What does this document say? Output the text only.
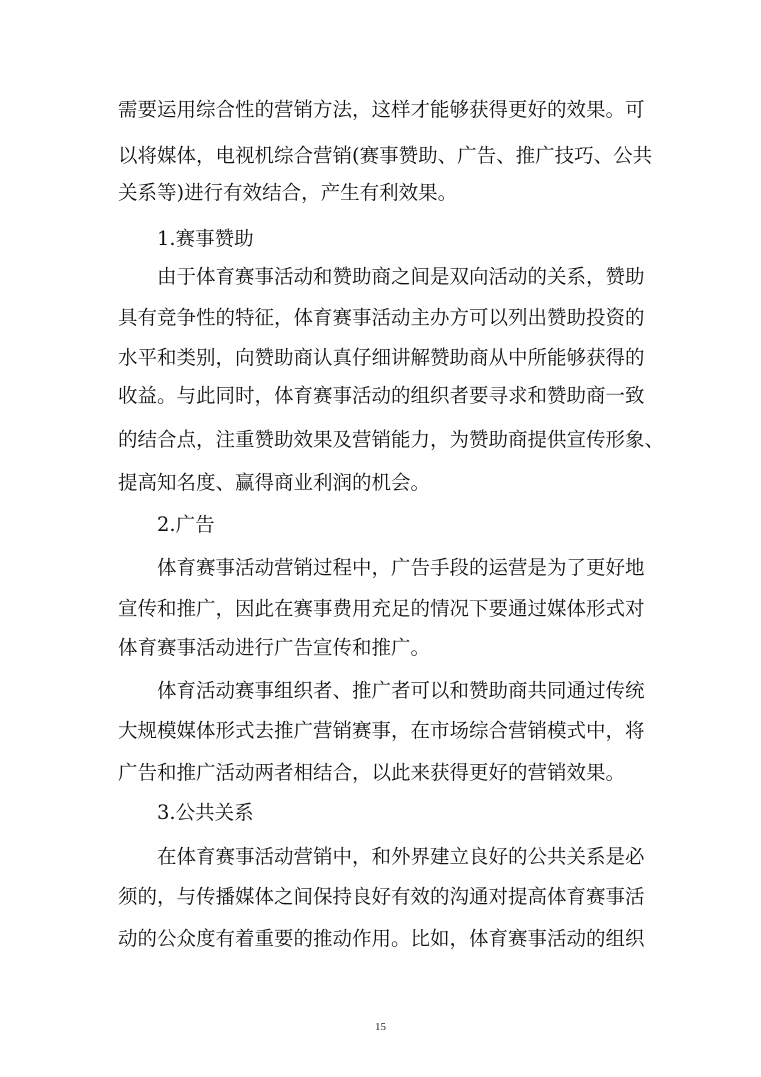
需要运用综合性的营销方法，这样才能够获得更好的效果。可

以将媒体，电视机综合营销(赛事赞助、广告、推广技巧、公共

关系等)进行有效结合，产生有利效果。

1.赛事赞助

由于体育赛事活动和赞助商之间是双向活动的关系，赞助

具有竞争性的特征，体育赛事活动主办方可以列出赞助投资的

水平和类别，向赞助商认真仔细讲解赞助商从中所能够获得的

收益。与此同时，体育赛事活动的组织者要寻求和赞助商一致

的结合点，注重赞助效果及营销能力，为赞助商提供宣传形象、

提高知名度、赢得商业利润的机会。

2.广告

体育赛事活动营销过程中，广告手段的运营是为了更好地

宣传和推广，因此在赛事费用充足的情况下要通过媒体形式对

体育赛事活动进行广告宣传和推广。

体育活动赛事组织者、推广者可以和赞助商共同通过传统

大规模媒体形式去推广营销赛事，在市场综合营销模式中，将

广告和推广活动两者相结合，以此来获得更好的营销效果。

3.公共关系

在体育赛事活动营销中，和外界建立良好的公共关系是必

须的，与传播媒体之间保持良好有效的沟通对提高体育赛事活

动的公众度有着重要的推动作用。比如，体育赛事活动的组织

15
